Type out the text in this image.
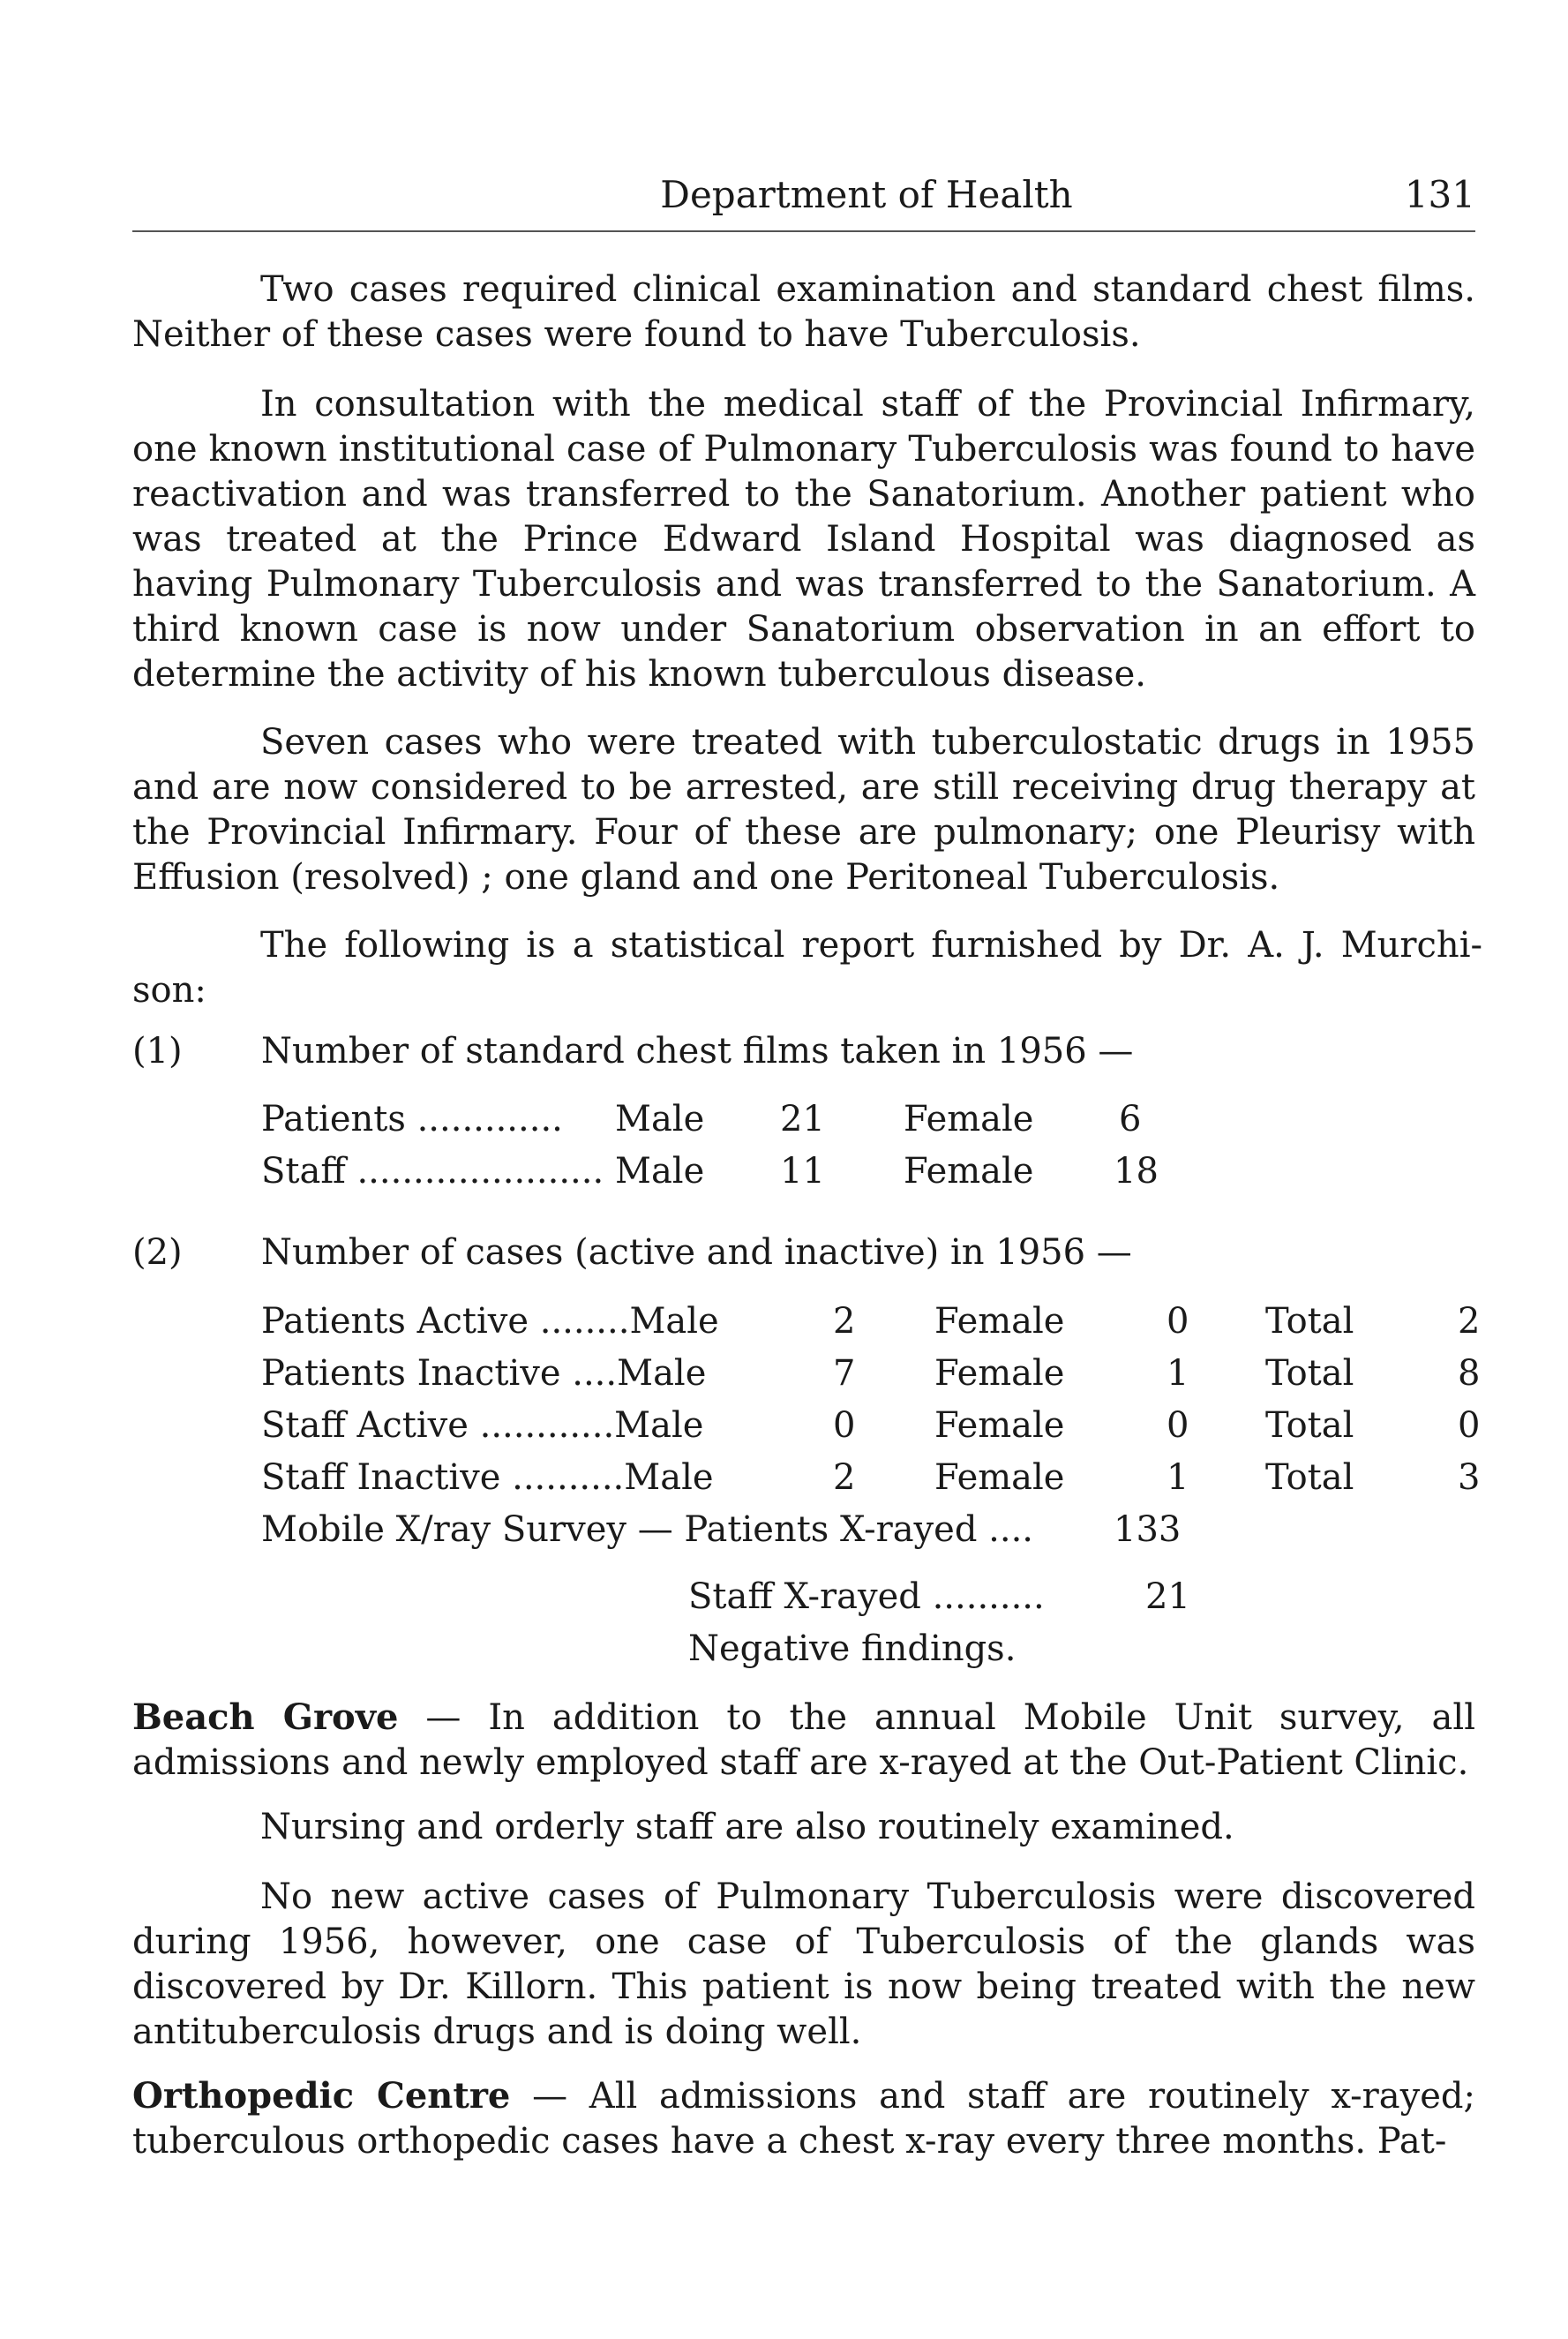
Department of Health	131

Two cases required clinical examination and standard chest films. Neither of these cases were found to have Tuberculosis.

In consultation with the medical staff of the Provincial Infirmary, one known institutional case of Pulmonary Tuberculosis was found to have reactivation and was transferred to the Sanatorium. Another patient who was treated at the Prince Edward Island Hospital was diagnosed as having Pulmonary Tuberculosis and was transferred to the Sanatorium. A third known case is now under Sanatorium observation in an effort to determine the activity of his known tuberculous disease.

Seven cases who were treated with tuberculostatic drugs in 1955 and are now considered to be arrested, are still receiving drug therapy at the Provincial Infirmary. Four of these are pulmonary; one Pleurisy with Effusion (resolved) ; one gland and one Peritoneal Tuberculosis.

The following is a statistical report furnished by Dr. A. J. Murchi-son:

(1) Number of standard chest films taken in 1956 —
Patients ............. Male 21 Female 6
Staff ...................... Male 11 Female 18
(2) Number of cases (active and inactive) in 1956 —
Patients Active ........Male	2 Female	0 Total	2
Patients Inactive ....Male	7 Female	1 Total	8
Staff Active ............Male	0 Female	0 Total	0
Staff Inactive ..........Male	2 Female	1 Total	3
Mobile X/ray Survey — Patients X-rayed .... 133
Staff X-rayed ..........	21
Negative findings.

Beach Grove — In addition to the annual Mobile Unit survey, all admissions and newly employed staff are x-rayed at the Out-Patient Clinic.

Nursing and orderly staff are also routinely examined.

No new active cases of Pulmonary Tuberculosis were discovered during 1956, however, one case of Tuberculosis of the glands was discovered by Dr. Killorn. This patient is now being treated with the new antituberculosis drugs and is doing well.

Orthopedic Centre — All admissions and staff are routinely x-rayed; tuberculous orthopedic cases have a chest x-ray every three months. Pat-
